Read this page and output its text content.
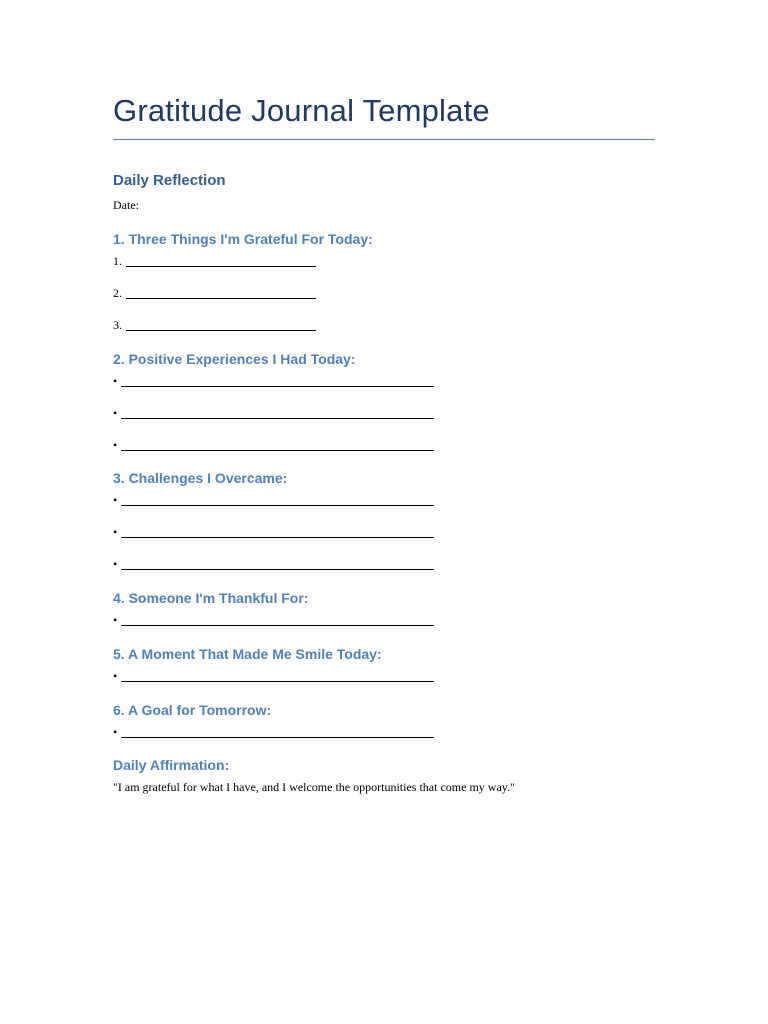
Gratitude Journal Template
Daily Reflection
Date:
1. Three Things I'm Grateful For Today:
1.
2.
3.
2. Positive Experiences I Had Today:
•
•
•
3. Challenges I Overcame:
•
•
•
4. Someone I'm Thankful For:
•
5. A Moment That Made Me Smile Today:
•
6. A Goal for Tomorrow:
•
Daily Affirmation:
"I am grateful for what I have, and I welcome the opportunities that come my way."
